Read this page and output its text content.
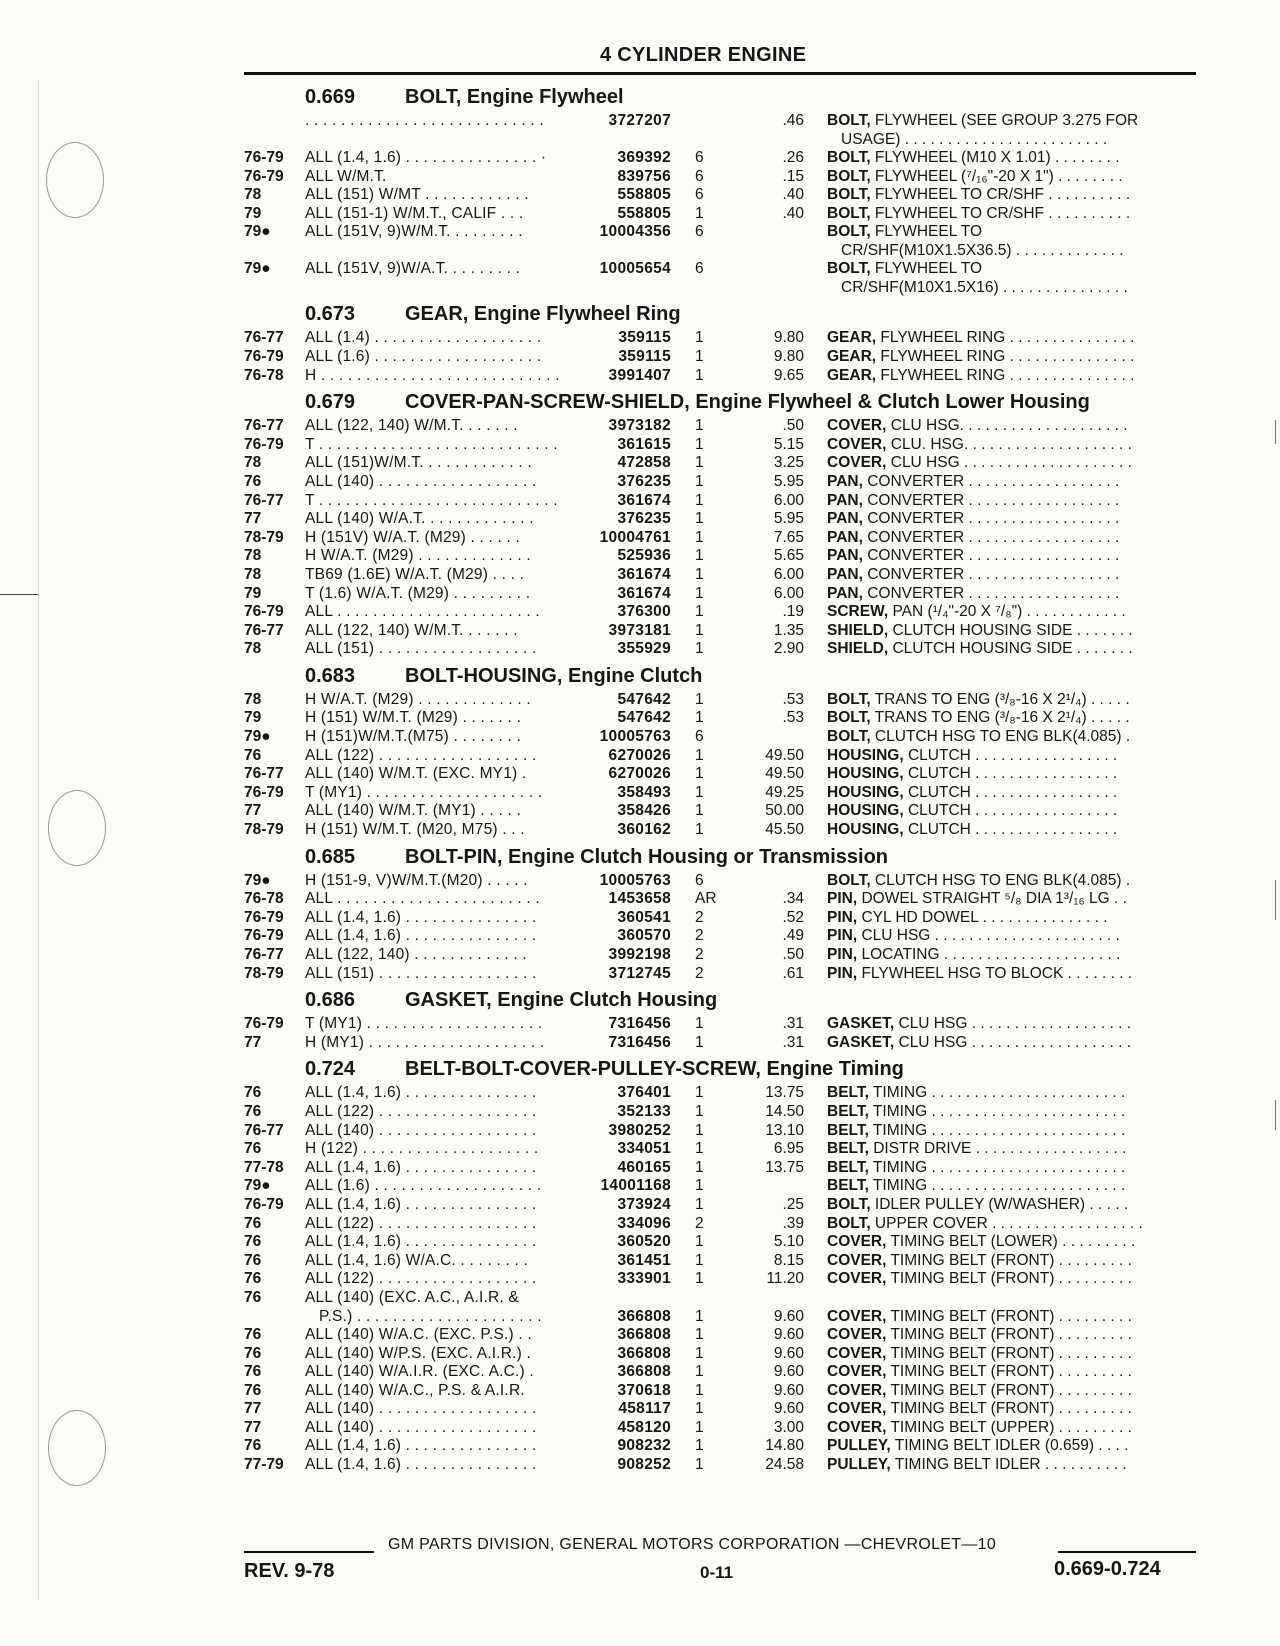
4 CYLINDER ENGINE
0.669 BOLT, Engine Flywheel
. . . . . . . . . . . . . . . . . . . . . . . . . . .	3727207	.46 BOLT, FLYWHEEL (SEE GROUP 3.275 FOR
USAGE) . . . . . . . . . . . . . . . . . . . . . . . .
76-79 ALL (1.4, 1.6) . . . . . . . . . . . . . . . ·	369392 6	.26 BOLT, FLYWHEEL (M10 X 1.01) . . . . . . . .
76-79 ALL W/M.T.	839756 6	.15 BOLT, FLYWHEEL (⁷/₁₆"-20 X 1") . . . . . . . .
78	ALL (151) W/MT . . . . . . . . . . . .	558805 6	.40 BOLT, FLYWHEEL TO CR/SHF . . . . . . . . . .
79	ALL (151-1) W/M.T., CALIF . . .	558805 1	.40 BOLT, FLYWHEEL TO CR/SHF . . . . . . . . . .
79● ALL (151V, 9)W/M.T. . . . . . . . .	10004356 6	BOLT, FLYWHEEL TO
CR/SHF(M10X1.5X36.5) . . . . . . . . . . . . .
79● ALL (151V, 9)W/A.T. . . . . . . . .	10005654 6	BOLT, FLYWHEEL TO
CR/SHF(M10X1.5X16) . . . . . . . . . . . . . . .
0.673 GEAR, Engine Flywheel Ring
76-77 ALL (1.4) . . . . . . . . . . . . . . . . . . .	359115 1	9.80 GEAR, FLYWHEEL RING . . . . . . . . . . . . . . .
76-79 ALL (1.6) . . . . . . . . . . . . . . . . . . .	359115 1	9.80 GEAR, FLYWHEEL RING . . . . . . . . . . . . . . .
76-78 H . . . . . . . . . . . . . . . . . . . . . . . . . . .	3991407 1	9.65 GEAR, FLYWHEEL RING . . . . . . . . . . . . . . .
0.679 COVER-PAN-SCREW-SHIELD, Engine Flywheel & Clutch Lower Housing
76-77 ALL (122, 140) W/M.T. . . . . . .	3973182 1	.50 COVER, CLU HSG. . . . . . . . . . . . . . . . . . . .
76-79 T . . . . . . . . . . . . . . . . . . . . . . . . . . .	361615 1	5.15 COVER, CLU. HSG. . . . . . . . . . . . . . . . . . . .
78	ALL (151)W/M.T. . . . . . . . . . . . .	472858 1	3.25 COVER, CLU HSG . . . . . . . . . . . . . . . . . . . .
76	ALL (140) . . . . . . . . . . . . . . . . . .	376235 1	5.95 PAN, CONVERTER . . . . . . . . . . . . . . . . . .
76-77 T . . . . . . . . . . . . . . . . . . . . . . . . . . .	361674 1	6.00 PAN, CONVERTER . . . . . . . . . . . . . . . . . .
77	ALL (140) W/A.T. . . . . . . . . . . . .	376235 1	5.95 PAN, CONVERTER . . . . . . . . . . . . . . . . . .
78-79 H (151V) W/A.T. (M29) . . . . . .	10004761 1	7.65 PAN, CONVERTER . . . . . . . . . . . . . . . . . .
78	H W/A.T. (M29) . . . . . . . . . . . . .	525936 1	5.65 PAN, CONVERTER . . . . . . . . . . . . . . . . . .
78	TB69 (1.6E) W/A.T. (M29) . . . .	361674 1	6.00 PAN, CONVERTER . . . . . . . . . . . . . . . . . .
79	T (1.6) W/A.T. (M29) . . . . . . . . .	361674 1	6.00 PAN, CONVERTER . . . . . . . . . . . . . . . . . .
76-79 ALL . . . . . . . . . . . . . . . . . . . . . . .	376300 1	.19 SCREW, PAN (¹/₄"-20 X ⁷/₈") . . . . . . . . . . . .
76-77 ALL (122, 140) W/M.T. . . . . . .	3973181 1	1.35 SHIELD, CLUTCH HOUSING SIDE . . . . . . .
78	ALL (151) . . . . . . . . . . . . . . . . . .	355929 1	2.90 SHIELD, CLUTCH HOUSING SIDE . . . . . . .
0.683 BOLT-HOUSING, Engine Clutch
78	H W/A.T. (M29) . . . . . . . . . . . . .	547642 1	.53 BOLT, TRANS TO ENG (³/₈-16 X 2¹/₄) . . . . .
79	H (151) W/M.T. (M29) . . . . . . .	547642 1	.53 BOLT, TRANS TO ENG (³/₈-16 X 2¹/₄) . . . . .
79● H (151)W/M.T.(M75) . . . . . . . .	10005763 6	BOLT, CLUTCH HSG TO ENG BLK(4.085) .
76	ALL (122) . . . . . . . . . . . . . . . . . .	6270026 1	49.50 HOUSING, CLUTCH . . . . . . . . . . . . . . . . .
76-77 ALL (140) W/M.T. (EXC. MY1) .	6270026 1	49.50 HOUSING, CLUTCH . . . . . . . . . . . . . . . . .
76-79 T (MY1) . . . . . . . . . . . . . . . . . . . .	358493 1	49.25 HOUSING, CLUTCH . . . . . . . . . . . . . . . . .
77	ALL (140) W/M.T. (MY1) . . . . .	358426 1	50.00 HOUSING, CLUTCH . . . . . . . . . . . . . . . . .
78-79 H (151) W/M.T. (M20, M75) . . .	360162 1	45.50 HOUSING, CLUTCH . . . . . . . . . . . . . . . . .
0.685 BOLT-PIN, Engine Clutch Housing or Transmission
79● H (151-9, V)W/M.T.(M20) . . . . .	10005763 6	BOLT, CLUTCH HSG TO ENG BLK(4.085) .
76-78 ALL . . . . . . . . . . . . . . . . . . . . . . .	1453658 AR	.34 PIN, DOWEL STRAIGHT ⁵/₈ DIA 1³/₁₆ LG . .
76-79 ALL (1.4, 1.6) . . . . . . . . . . . . . . .	360541 2	.52 PIN, CYL HD DOWEL . . . . . . . . . . . . . . .
76-79 ALL (1.4, 1.6) . . . . . . . . . . . . . . .	360570 2	.49 PIN, CLU HSG . . . . . . . . . . . . . . . . . . . . . .
76-77 ALL (122, 140) . . . . . . . . . . . . .	3992198 2	.50 PIN, LOCATING . . . . . . . . . . . . . . . . . . . . .
78-79 ALL (151) . . . . . . . . . . . . . . . . . .	3712745 2	.61 PIN, FLYWHEEL HSG TO BLOCK . . . . . . . .
0.686 GASKET, Engine Clutch Housing
76-79 T (MY1) . . . . . . . . . . . . . . . . . . . .	7316456 1	.31 GASKET, CLU HSG . . . . . . . . . . . . . . . . . . .
77	H (MY1) . . . . . . . . . . . . . . . . . . . .	7316456 1	.31 GASKET, CLU HSG . . . . . . . . . . . . . . . . . . .
0.724 BELT-BOLT-COVER-PULLEY-SCREW, Engine Timing
76	ALL (1.4, 1.6) . . . . . . . . . . . . . . .	376401 1	13.75 BELT, TIMING . . . . . . . . . . . . . . . . . . . . . . .
76	ALL (122) . . . . . . . . . . . . . . . . . .	352133 1	14.50 BELT, TIMING . . . . . . . . . . . . . . . . . . . . . . .
76-77 ALL (140) . . . . . . . . . . . . . . . . . .	3980252 1	13.10 BELT, TIMING . . . . . . . . . . . . . . . . . . . . . . .
76	H (122) . . . . . . . . . . . . . . . . . . . .	334051 1	6.95 BELT, DISTR DRIVE . . . . . . . . . . . . . . . . . .
77-78 ALL (1.4, 1.6) . . . . . . . . . . . . . . .	460165 1	13.75 BELT, TIMING . . . . . . . . . . . . . . . . . . . . . . .
79● ALL (1.6) . . . . . . . . . . . . . . . . . . .	14001168 1	BELT, TIMING . . . . . . . . . . . . . . . . . . . . . . .
76-79 ALL (1.4, 1.6) . . . . . . . . . . . . . . .	373924 1	.25 BOLT, IDLER PULLEY (W/WASHER) . . . . .
76	ALL (122) . . . . . . . . . . . . . . . . . .	334096 2	.39 BOLT, UPPER COVER . . . . . . . . . . . . . . . . . .
76	ALL (1.4, 1.6) . . . . . . . . . . . . . . .	360520 1	5.10 COVER, TIMING BELT (LOWER) . . . . . . . . .
76	ALL (1.4, 1.6) W/A.C. . . . . . . . .	361451 1	8.15 COVER, TIMING BELT (FRONT) . . . . . . . . .
76	ALL (122) . . . . . . . . . . . . . . . . . .	333901 1	11.20 COVER, TIMING BELT (FRONT) . . . . . . . . .
76	ALL (140) (EXC. A.C., A.I.R. &
P.S.) . . . . . . . . . . . . . . . . . . . . .	366808 1	9.60 COVER, TIMING BELT (FRONT) . . . . . . . . .
76	ALL (140) W/A.C. (EXC. P.S.) . .	366808 1	9.60 COVER, TIMING BELT (FRONT) . . . . . . . . .
76	ALL (140) W/P.S. (EXC. A.I.R.) .	366808 1	9.60 COVER, TIMING BELT (FRONT) . . . . . . . . .
76	ALL (140) W/A.I.R. (EXC. A.C.) .	366808 1	9.60 COVER, TIMING BELT (FRONT) . . . . . . . . .
76	ALL (140) W/A.C., P.S. & A.I.R.	370618 1	9.60 COVER, TIMING BELT (FRONT) . . . . . . . . .
77	ALL (140) . . . . . . . . . . . . . . . . . .	458117 1	9.60 COVER, TIMING BELT (FRONT) . . . . . . . . .
77	ALL (140) . . . . . . . . . . . . . . . . . .	458120 1	3.00 COVER, TIMING BELT (UPPER) . . . . . . . . .
76	ALL (1.4, 1.6) . . . . . . . . . . . . . . .	908232 1	14.80 PULLEY, TIMING BELT IDLER (0.659) . . . .
77-79 ALL (1.4, 1.6) . . . . . . . . . . . . . . .	908252 1	24.58 PULLEY, TIMING BELT IDLER . . . . . . . . . .
GM PARTS DIVISION, GENERAL MOTORS CORPORATION —CHEVROLET—10
REV. 9-78	0-11	0.669-0.724
